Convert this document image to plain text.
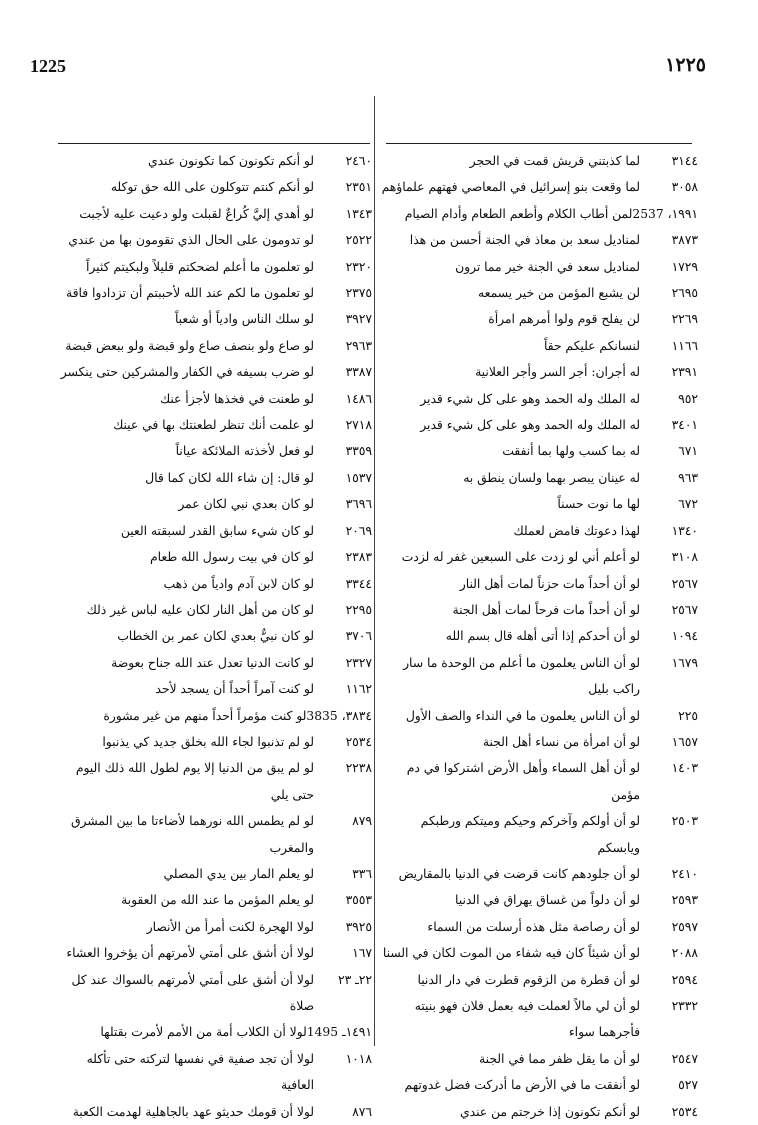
1225	١٢٢٥
٣١٤٤
لما كذبتني قريش قمت في الحجر
٣٠٥٨
لما وقعت بنو إسرائيل في المعاصي فهتهم علماؤهم
١٩٩١، 2537
لمن أطاب الكلام وأطعم الطعام وأدام الصيام
٣٨٧٣
لمناديل سعد بن معاذ في الجنة أحسن من هذا
١٧٢٩
لمناديل سعد في الجنة خير مما ترون
٢٦٩٥
لن يشبع المؤمن من خير يسمعه
٢٢٦٩
لن يفلح قوم ولوا أمرهم امرأة
١١٦٦
لنسانكم عليكم حقاً
٢٣٩١
له أجران: أجر السر وأجر العلانية
٩٥٢
له الملك وله الحمد وهو على كل شيء قدير
٣٤٠١
له الملك وله الحمد وهو على كل شيء قدير
٦٧١
له بما كسب ولها بما أنفقت
٩٦٣
له عينان يبصر بهما ولسان ينطق به
٦٧٢
لها ما نوت حسناً
١٣٤٠
لهذا دعوتك فامض لعملك
٣١٠٨
لو أعلم أني لو زدت على السبعين غفر له لزدت
٢٥٦٧
لو أن أحداً مات حزناً لمات أهل النار
٢٥٦٧
لو أن أحداً مات فرحاً لمات أهل الجنة
١٠٩٤
لو أن أحدكم إذا أتى أهله قال بسم الله
١٦٧٩
لو أن الناس يعلمون ما أعلم من الوحدة ما سار راكب بليل
٢٢٥
لو أن الناس يعلمون ما في النداء والصف الأول
١٦٥٧
لو أن امرأة من نساء أهل الجنة
١٤٠٣
لو أن أهل السماء وأهل الأرض اشتركوا في دم مؤمن
٢٥٠٣
لو أن أولكم وآخركم وحيكم وميتكم ورطبكم ويابسكم
٢٤١٠
لو أن جلودهم كانت قرضت في الدنيا بالمقاريض
٢٥٩٣
لو أن دلواً من غساق يهراق في الدنيا
٢٥٩٧
لو أن رصاصة مثل هذه أرسلت من السماء
٢٠٨٨
لو أن شيئاً كان فيه شفاء من الموت لكان في السنا
٢٥٩٤
لو أن قطرة من الزقوم قطرت في دار الدنيا
٢٣٣٢
لو أن لي مالاً لعملت فيه بعمل فلان فهو بنيته فأجرهما سواء
٢٥٤٧
لو أن ما يقل ظفر مما في الجنة
٥٢٧
لو أنفقت ما في الأرض ما أدركت فضل غدوتهم
٢٥٣٤
لو أنكم تكونون إذا خرجتم من عندي
٢٤٦٠
لو أنكم تكونون كما تكونون عندي
٢٣٥١
لو أنكم كنتم تتوكلون على الله حق توكله
١٣٤٣
لو أهدي إليَّ كُراعٌ لقبلت ولو دعيت عليه لأجبت
٢٥٢٢
لو تدومون على الحال الذي تقومون بها من عندي
٢٣٢٠
لو تعلمون ما أعلم لضحكتم قليلاً ولبكيتم كثيراً
٢٣٧٥
لو تعلمون ما لكم عند الله لأحببتم أن تزدادوا فاقة
٣٩٢٧
لو سلك الناس وادياً أو شعباً
٢٩٦٣
لو صاع ولو بنصف صاع ولو قبضة ولو ببعض قبضة
٣٣٨٧
لو ضرب بسيفه في الكفار والمشركين حتى ينكسر
١٤٨٦
لو طعنت في فخذها لأجزأ عنك
٢٧١٨
لو علمت أنك تنظر لطعنتك بها في عينك
٣٣٥٩
لو فعل لأخذته الملائكة عياناً
١٥٣٧
لو قال: إن شاء الله لكان كما قال
٣٦٩٦
لو كان بعدي نبي لكان عمر
٢٠٦٩
لو كان شيء سابق القدر لسبقته العين
٢٣٨٣
لو كان في بيت رسول الله طعام
٣٣٤٤
لو كان لابن آدم وادياً من ذهب
٢٢٩٥
لو كان من أهل النار لكان عليه لباس غير ذلك
٣٧٠٦
لو كان نبيٌّ بعدي لكان عمر بن الخطاب
٢٣٢٧
لو كانت الدنيا تعدل عند الله جناح بعوضة
١١٦٢
لو كنت آمراً أحداً أن يسجد لأحد
٣٨٣٤، 3835
لو كنت مؤمراً أحداً منهم من غير مشورة
٢٥٣٤
لو لم تذنبوا لجاء الله بخلق جديد كي يذنبوا
٢٢٣٨
لو لم يبق من الدنيا إلا يوم لطول الله ذلك اليوم حتى يلي
٨٧٩
لو لم يطمس الله نورهما لأضاءتا ما بين المشرق والمغرب
٣٣٦
لو يعلم المار بين يدي المصلي
٣٥٥٣
لو يعلم المؤمن ما عند الله من العقوبة
٣٩٢٥
لولا الهجرة لكنت أمرأ من الأنصار
١٦٧
لولا أن أشق على أمتي لأمرتهم أن يؤخروا العشاء
٢٢ـ ٢٣
لولا أن أشق على أمتي لأمرتهم بالسواك عند كل صلاة
١٤٩١ـ 1495
لولا أن الكلاب أمة من الأمم لأمرت بقتلها
١٠١٨
لولا أن تجد صفية في نفسها لتركته حتى تأكله العافية
٨٧٦
لولا أن قومك حديثو عهد بالجاهلية لهدمت الكعبة
